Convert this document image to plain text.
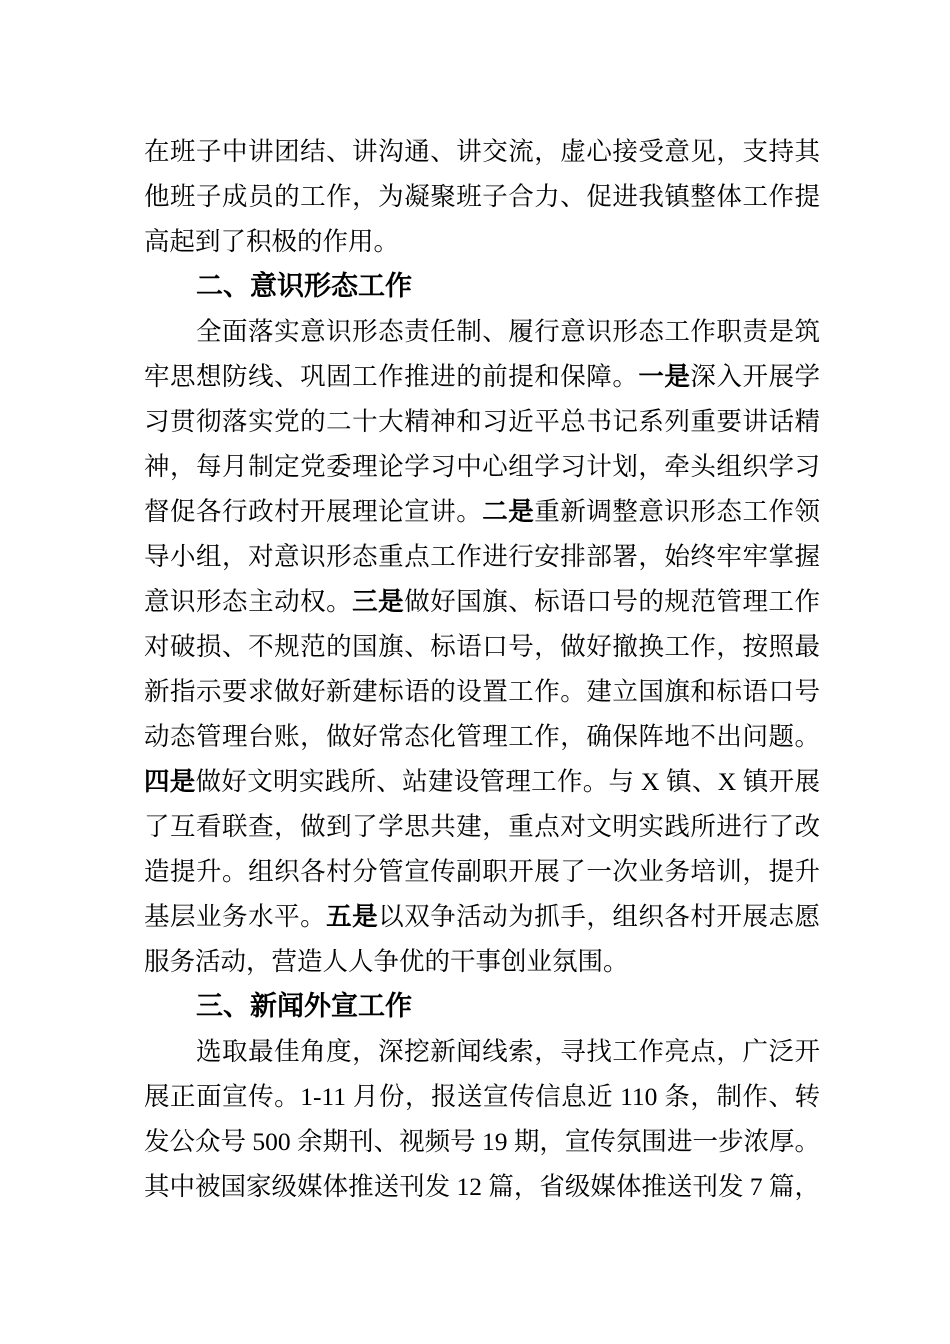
在班子中讲团结、讲沟通、讲交流，虚心接受意见，支持其
他班子成员的工作，为凝聚班子合力、促进我镇整体工作提
高起到了积极的作用。
二、意识形态工作
全面落实意识形态责任制、履行意识形态工作职责是筑
牢思想防线、巩固工作推进的前提和保障。一是深入开展学
习贯彻落实党的二十大精神和习近平总书记系列重要讲话精
神，每月制定党委理论学习中心组学习计划，牵头组织学习
督促各行政村开展理论宣讲。二是重新调整意识形态工作领
导小组，对意识形态重点工作进行安排部署，始终牢牢掌握
意识形态主动权。三是做好国旗、标语口号的规范管理工作
对破损、不规范的国旗、标语口号，做好撤换工作，按照最
新指示要求做好新建标语的设置工作。建立国旗和标语口号
动态管理台账，做好常态化管理工作，确保阵地不出问题。
四是做好文明实践所、站建设管理工作。与 X 镇、X 镇开展
了互看联查，做到了学思共建，重点对文明实践所进行了改
造提升。组织各村分管宣传副职开展了一次业务培训，提升
基层业务水平。五是以双争活动为抓手，组织各村开展志愿
服务活动，营造人人争优的干事创业氛围。
三、新闻外宣工作
选取最佳角度，深挖新闻线索，寻找工作亮点，广泛开
展正面宣传。1-11 月份，报送宣传信息近 110 条，制作、转
发公众号 500 余期刊、视频号 19 期，宣传氛围进一步浓厚。
其中被国家级媒体推送刊发 12 篇，省级媒体推送刊发 7 篇，
